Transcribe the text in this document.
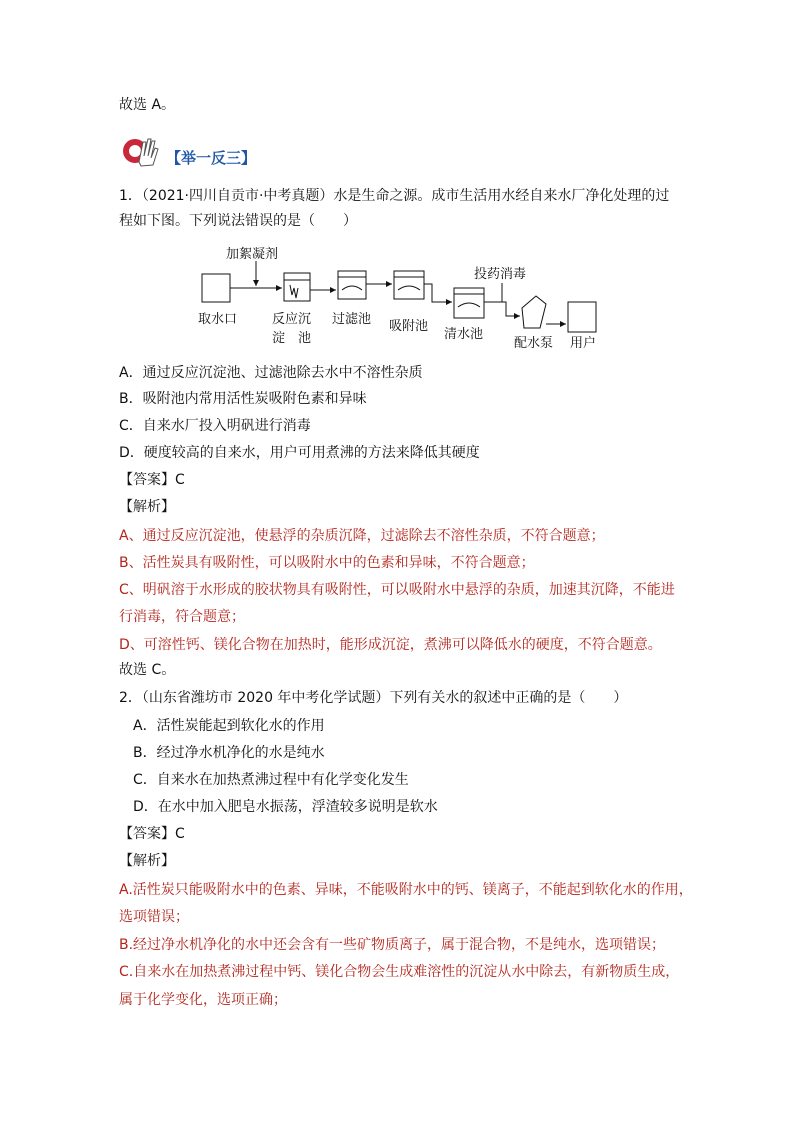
故选 A。
【举一反三】
1．（2021·四川自贡市·中考真题）水是生命之源。成市生活用水经自来水厂净化处理的过
程如下图。下列说法错误的是（　　）
加絮凝剂
投药消毒
取水口	反应沉
淀　池
过滤池 吸附池
清水池
配水泵 用户
A．通过反应沉淀池、过滤池除去水中不溶性杂质
B．吸附池内常用活性炭吸附色素和异味
C．自来水厂投入明矾进行消毒
D．硬度较高的自来水，用户可用煮沸的方法来降低其硬度
【答案】C
【解析】
A、通过反应沉淀池，使悬浮的杂质沉降，过滤除去不溶性杂质，不符合题意；
B、活性炭具有吸附性，可以吸附水中的色素和异味，不符合题意；
C、明矾溶于水形成的胶状物具有吸附性，可以吸附水中悬浮的杂质，加速其沉降，不能进
行消毒，符合题意；
D、可溶性钙、镁化合物在加热时，能形成沉淀，煮沸可以降低水的硬度，不符合题意。
故选 C。
2．（山东省潍坊市 2020 年中考化学试题）下列有关水的叙述中正确的是（　　）
A．活性炭能起到软化水的作用
B．经过净水机净化的水是纯水
C．自来水在加热煮沸过程中有化学变化发生
D．在水中加入肥皂水振荡，浮渣较多说明是软水
【答案】C
【解析】
A.活性炭只能吸附水中的色素、异味，不能吸附水中的钙、镁离子，不能起到软化水的作用，
选项错误；
B.经过净水机净化的水中还会含有一些矿物质离子，属于混合物，不是纯水，选项错误；
C.自来水在加热煮沸过程中钙、镁化合物会生成难溶性的沉淀从水中除去，有新物质生成，
属于化学变化，选项正确；
